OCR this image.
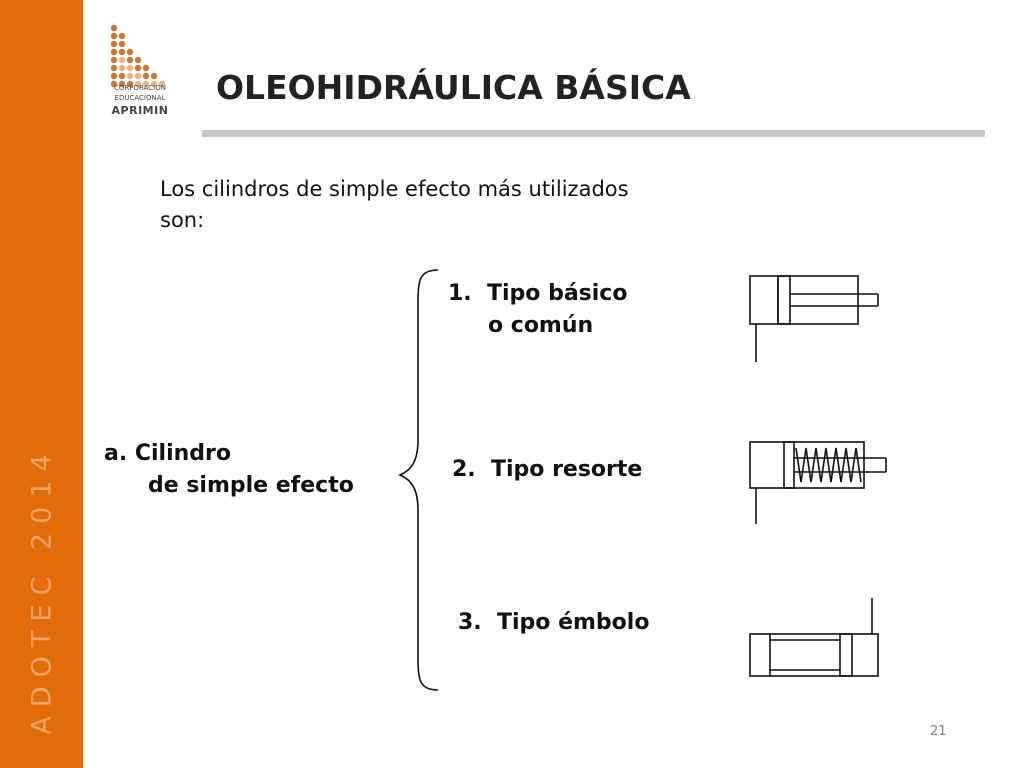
ADOTEC 2014
CORPORACION
EDUCACIONAL
APRIMIN
OLEOHIDRÁULICA BÁSICA

Los cilindros de simple efecto más utilizados son:

a. Cilindro
de simple efecto
1. Tipo básico
o común
2. Tipo resorte
3. Tipo émbolo
21
